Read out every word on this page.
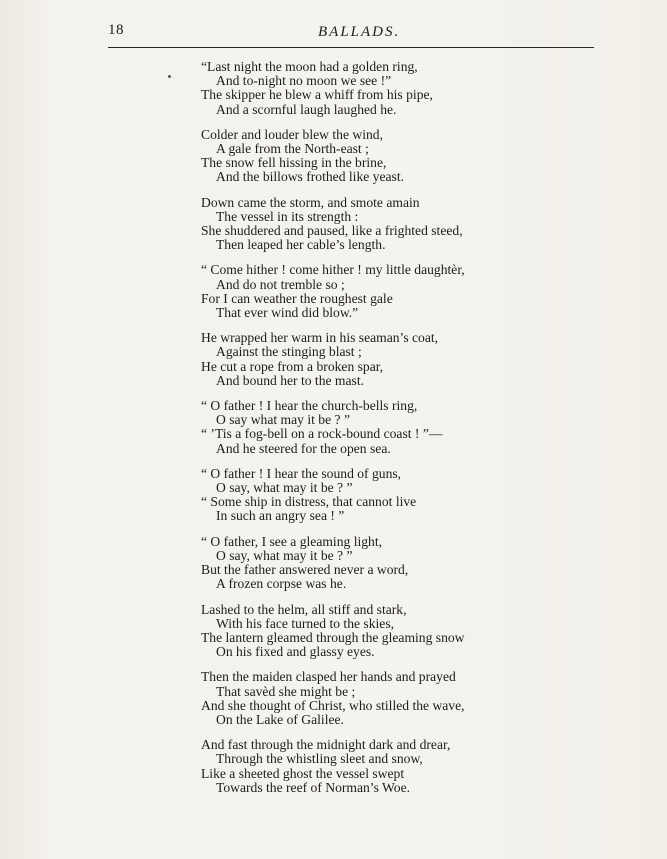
18	BALLADS.
“Last night the moon had a golden ring,
And to-night no moon we see !”
The skipper he blew a whiff from his pipe,
And a scornful laugh laughed he.
Colder and louder blew the wind,
A gale from the North-east ;
The snow fell hissing in the brine,
And the billows frothed like yeast.
Down came the storm, and smote amain
The vessel in its strength :
She shuddered and paused, like a frighted steed,
Then leaped her cable’s length.
“ Come hither ! come hither ! my little daughtèr,
And do not tremble so ;
For I can weather the roughest gale
That ever wind did blow.”
He wrapped her warm in his seaman’s coat,
Against the stinging blast ;
He cut a rope from a broken spar,
And bound her to the mast.
“ O father ! I hear the church-bells ring,
O say what may it be ? ”
“ ’Tis a fog-bell on a rock-bound coast ! ”—
And he steered for the open sea.
“ O father ! I hear the sound of guns,
O say, what may it be ? ”
“ Some ship in distress, that cannot live
In such an angry sea ! ”
“ O father, I see a gleaming light,
O say, what may it be ? ”
But the father answered never a word,
A frozen corpse was he.
Lashed to the helm, all stiff and stark,
With his face turned to the skies,
The lantern gleamed through the gleaming snow
On his fixed and glassy eyes.
Then the maiden clasped her hands and prayed
That savèd she might be ;
And she thought of Christ, who stilled the wave,
On the Lake of Galilee.
And fast through the midnight dark and drear,
Through the whistling sleet and snow,
Like a sheeted ghost the vessel swept
Towards the reef of Norman’s Woe.
